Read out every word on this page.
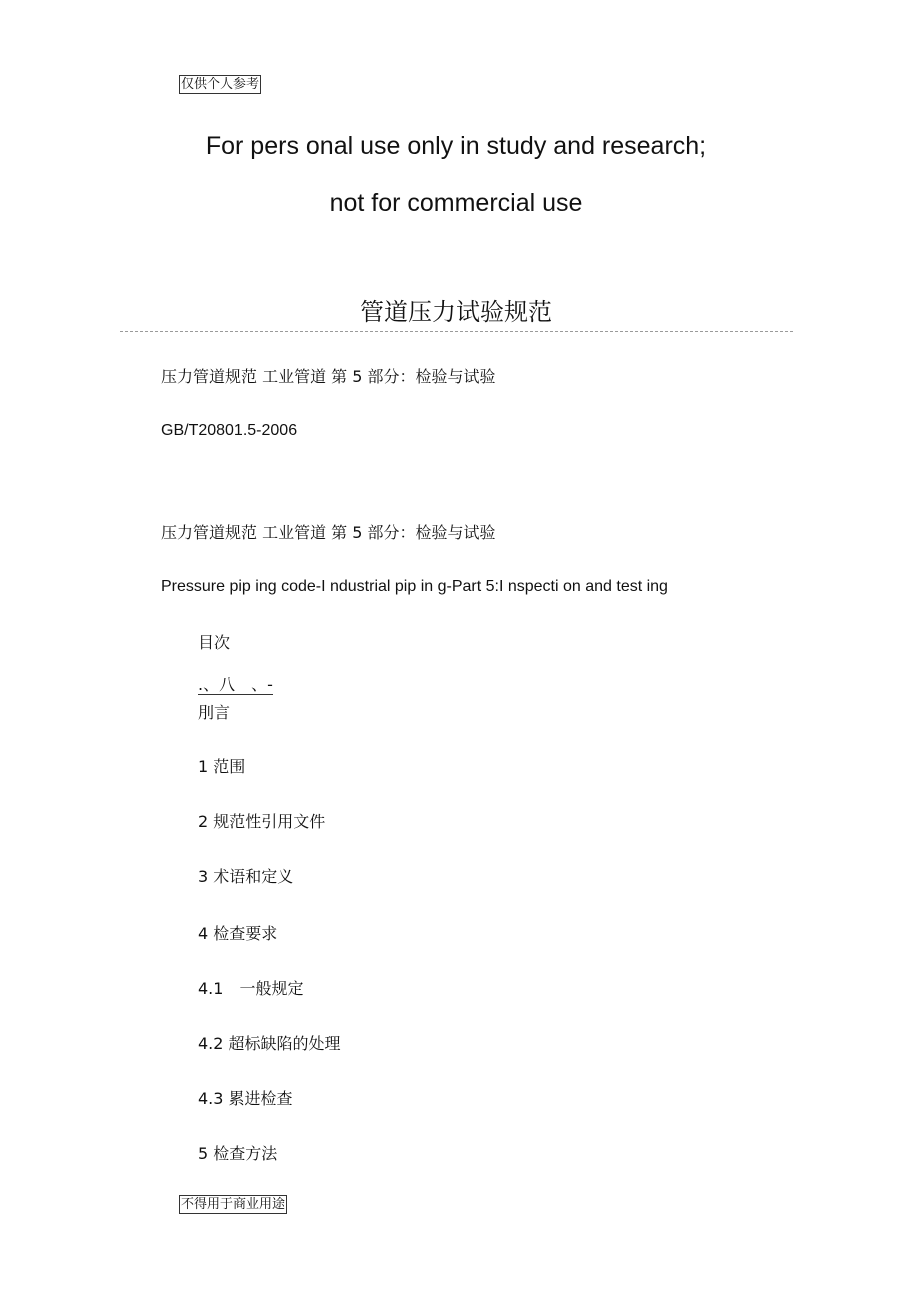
仅供个人参考
For pers onal use only in study and research;
not for commercial use
管道压力试验规范
压力管道规范 工业管道 第 5 部分：检验与试验
GB/T20801.5-2006
压力管道规范 工业管道 第 5 部分：检验与试验
Pressure pip ing code-I ndustrial pip in g-Part 5:I nspecti on and test ing
目次
.、八　、-
刖言
1 范围
2 规范性引用文件
3 术语和定义
4 检查要求
4.1　一般规定
4.2 超标缺陷的处理
4.3 累进检查
5 检查方法
不得用于商业用途
